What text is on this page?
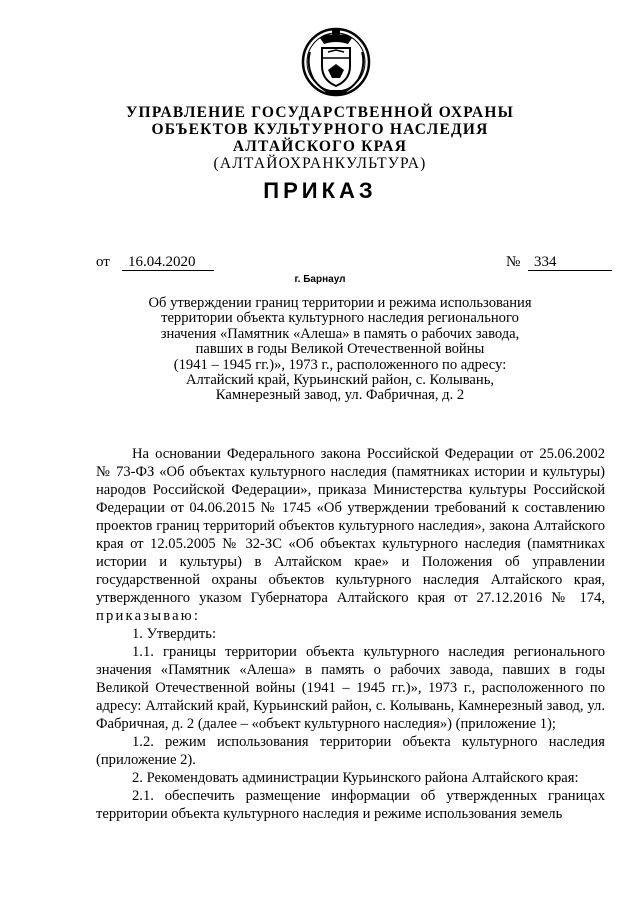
УПРАВЛЕНИЕ ГОСУДАРСТВЕННОЙ ОХРАНЫ
ОБЪЕКТОВ КУЛЬТУРНОГО НАСЛЕДИЯ
АЛТАЙСКОГО КРАЯ
(АЛТАЙОХРАНКУЛЬТУРА)
ПРИКАЗ
от	16.04.2020	№ 334
г. Барнаул
Об утверждении границ территории и режима использования
территории объекта культурного наследия регионального
значения «Памятник «Алеша» в память о рабочих завода,
павших в годы Великой Отечественной войны
(1941 – 1945 гг.)», 1973 г., расположенного по адресу:
Алтайский край, Курьинский район, с. Колывань,
Камнерезный завод, ул. Фабричная, д. 2

На основании Федерального закона Российской Федерации от 25.06.2002 № 73-ФЗ «Об объектах культурного наследия (памятниках истории и культуры) народов Российской Федерации», приказа Министерства культуры Российской Федерации от 04.06.2015 № 1745 «Об утверждении требований к составлению проектов границ территорий объектов культурного наследия», закона Алтайского края от 12.05.2005 № 32-ЗС «Об объектах культурного наследия (памятниках истории и культуры) в Алтайском крае» и Положения об управлении государственной охраны объектов культурного наследия Алтайского края, утвержденного указом Губернатора Алтайского края от 27.12.2016 № 174, приказываю:

1. Утвердить:

1.1. границы территории объекта культурного наследия регионального значения «Памятник «Алеша» в память о рабочих завода, павших в годы Великой Отечественной войны (1941 – 1945 гг.)», 1973 г., расположенного по адресу: Алтайский край, Курьинский район, с. Колывань, Камнерезный завод, ул. Фабричная, д. 2 (далее – «объект культурного наследия») (приложение 1);

1.2. режим использования территории объекта культурного наследия (приложение 2).

2. Рекомендовать администрации Курьинского района Алтайского края:

2.1. обеспечить размещение информации об утвержденных границах территории объекта культурного наследия и режиме использования земель
